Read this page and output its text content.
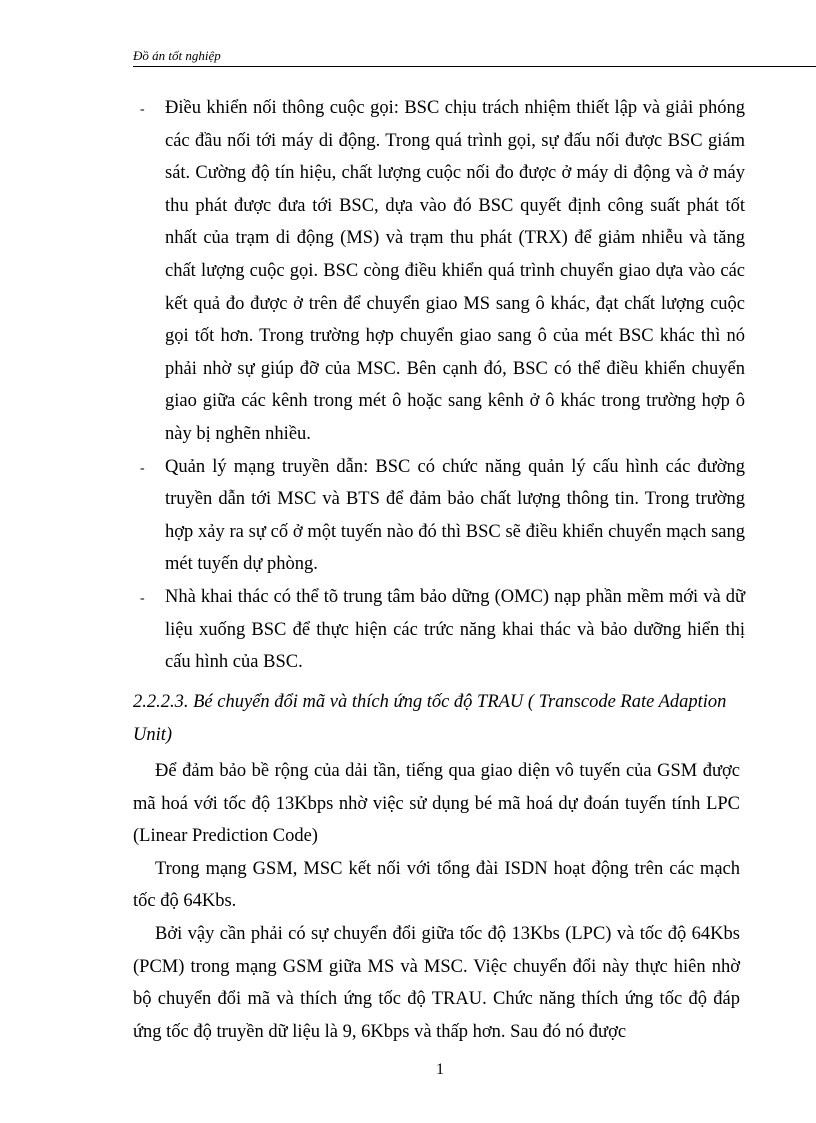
Đồ án tốt nghiệp
- Điều khiển nối thông cuộc gọi: BSC chịu trách nhiệm thiết lập và giải phóng các đầu nối tới máy di động. Trong quá trình gọi, sự đấu nối được BSC giám sát. Cường độ tín hiệu, chất lượng cuộc nối đo được ở máy di động và ở máy thu phát được đưa tới BSC, dựa vào đó BSC quyết định công suất phát tốt nhất của trạm di động (MS) và trạm thu phát (TRX) để giảm nhiễu và tăng chất lượng cuộc gọi. BSC còng điều khiển quá trình chuyển giao dựa vào các kết quả đo được ở trên để chuyển giao MS sang ô khác, đạt chất lượng cuộc gọi tốt hơn. Trong trường hợp chuyển giao sang ô của mét BSC khác thì nó phải nhờ sự giúp đỡ của MSC. Bên cạnh đó, BSC có thể điều khiển chuyển giao giữa các kênh trong mét ô hoặc sang kênh ở ô khác trong trường hợp ô này bị nghẽn nhiều.
- Quản lý mạng truyền dẫn: BSC có chức năng quản lý cấu hình các đường truyền dẫn tới MSC và BTS để đảm bảo chất lượng thông tin. Trong trường hợp xảy ra sự cố ở một tuyến nào đó thì BSC sẽ điều khiển chuyển mạch sang mét tuyến dự phòng.
- Nhà khai thác có thể tõ trung tâm bảo dững (OMC) nạp phần mềm mới và dữ liệu xuống BSC để thực hiện các trức năng khai thác và bảo dưỡng hiển thị cấu hình của BSC.

2.2.2.3. Bé chuyển đổi mã và thích ứng tốc độ TRAU ( Transcode Rate Adaption Unit)

Để đảm bảo bề rộng của dải tần, tiếng qua giao diện vô tuyến của GSM được mã hoá với tốc độ 13Kbps nhờ việc sử dụng bé mã hoá dự đoán tuyến tính LPC (Linear Prediction Code)

Trong mạng GSM, MSC kết nối với tổng đài ISDN hoạt động trên các mạch tốc độ 64Kbs.

Bởi vậy cần phải có sự chuyển đổi giữa tốc độ 13Kbs (LPC) và tốc độ 64Kbs (PCM) trong mạng GSM giữa MS và MSC. Việc chuyển đổi này thực hiên nhờ bộ chuyển đổi mã và thích ứng tốc độ TRAU. Chức năng thích ứng tốc độ đáp ứng tốc độ truyền dữ liệu là 9, 6Kbps và thấp hơn. Sau đó nó được

1
